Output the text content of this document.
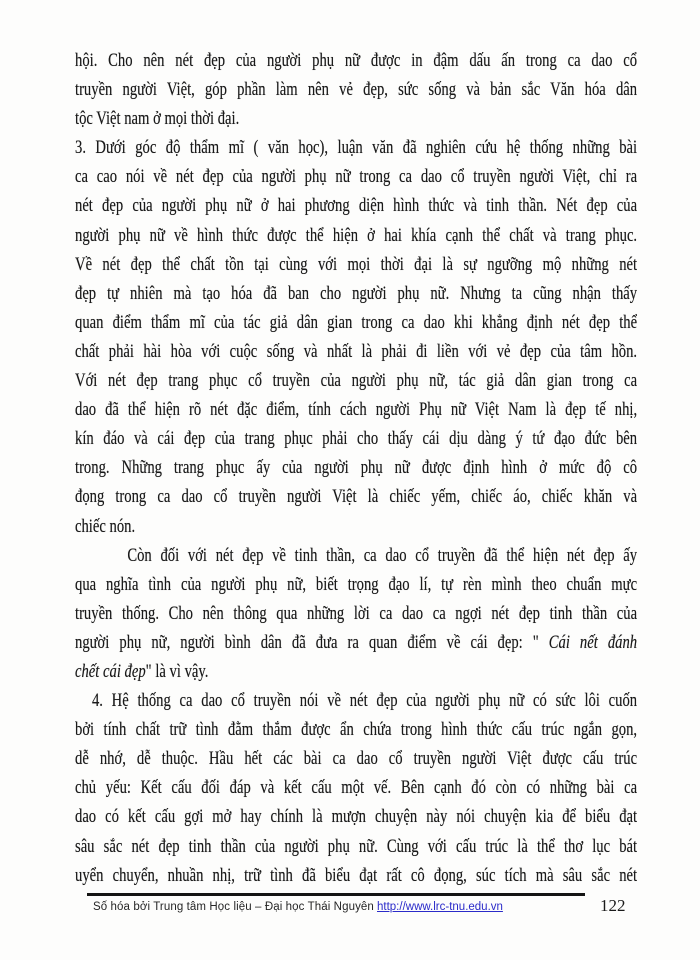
hội. Cho nên nét đẹp của người phụ nữ được in đậm dấu ấn trong ca dao cổ
truyền người Việt, góp phần làm nên vẻ đẹp, sức sống và bản sắc Văn hóa dân
tộc Việt nam ở mọi thời đại.
3. Dưới góc độ thẩm mĩ ( văn học), luận văn đã nghiên cứu hệ thống những bài
ca cao nói về nét đẹp của người phụ nữ trong ca dao cổ truyền người Việt, chỉ ra
nét đẹp của người phụ nữ ở hai phương diện hình thức và tinh thần. Nét đẹp của
người phụ nữ về hình thức được thể hiện ở hai khía cạnh thể chất và trang phục.
Về nét đẹp thể chất tồn tại cùng với mọi thời đại là sự ngưỡng mộ những nét
đẹp tự nhiên mà tạo hóa đã ban cho người phụ nữ. Nhưng ta cũng nhận thấy
quan điểm thẩm mĩ của tác giả dân gian trong ca dao khi khẳng định nét đẹp thể
chất phải hài hòa với cuộc sống và nhất là phải đi liền với vẻ đẹp của tâm hồn.
Với nét đẹp trang phục cổ truyền của người phụ nữ, tác giả dân gian trong ca
dao đã thể hiện rõ nét đặc điểm, tính cách người Phụ nữ Việt Nam là đẹp tế nhị,
kín đáo và cái đẹp của trang phục phải cho thấy cái dịu dàng ý tứ đạo đức bên
trong. Những trang phục ấy của người phụ nữ được định hình ở mức độ cô
đọng trong ca dao cổ truyền người Việt là chiếc yếm, chiếc áo, chiếc khăn và
chiếc nón.
Còn đối với nét đẹp về tinh thần, ca dao cổ truyền đã thể hiện nét đẹp ấy
qua nghĩa tình của người phụ nữ, biết trọng đạo lí, tự rèn mình theo chuẩn mực
truyền thống. Cho nên thông qua những lời ca dao ca ngợi nét đẹp tinh thần của
người phụ nữ, người bình dân đã đưa ra quan điểm về cái đẹp: " Cái nết đánh
chết cái đẹp" là vì vậy.
4. Hệ thống ca dao cổ truyền nói về nét đẹp của người phụ nữ có sức lôi cuốn
bởi tính chất trữ tình đằm thắm được ẩn chứa trong hình thức cấu trúc ngắn gọn,
dễ nhớ, dễ thuộc. Hầu hết các bài ca dao cổ truyền người Việt được cấu trúc
chủ yếu: Kết cấu đối đáp và kết cấu một vế. Bên cạnh đó còn có những bài ca
dao có kết cấu gợi mở hay chính là mượn chuyện này nói chuyện kia để biểu đạt
sâu sắc nét đẹp tinh thần của người phụ nữ. Cùng với cấu trúc là thể thơ lục bát
uyển chuyển, nhuần nhị, trữ tình đã biểu đạt rất cô đọng, súc tích mà sâu sắc nét
Số hóa bởi Trung tâm Học liệu – Đại học Thái Nguyên http://www.lrc-tnu.edu.vn	122
